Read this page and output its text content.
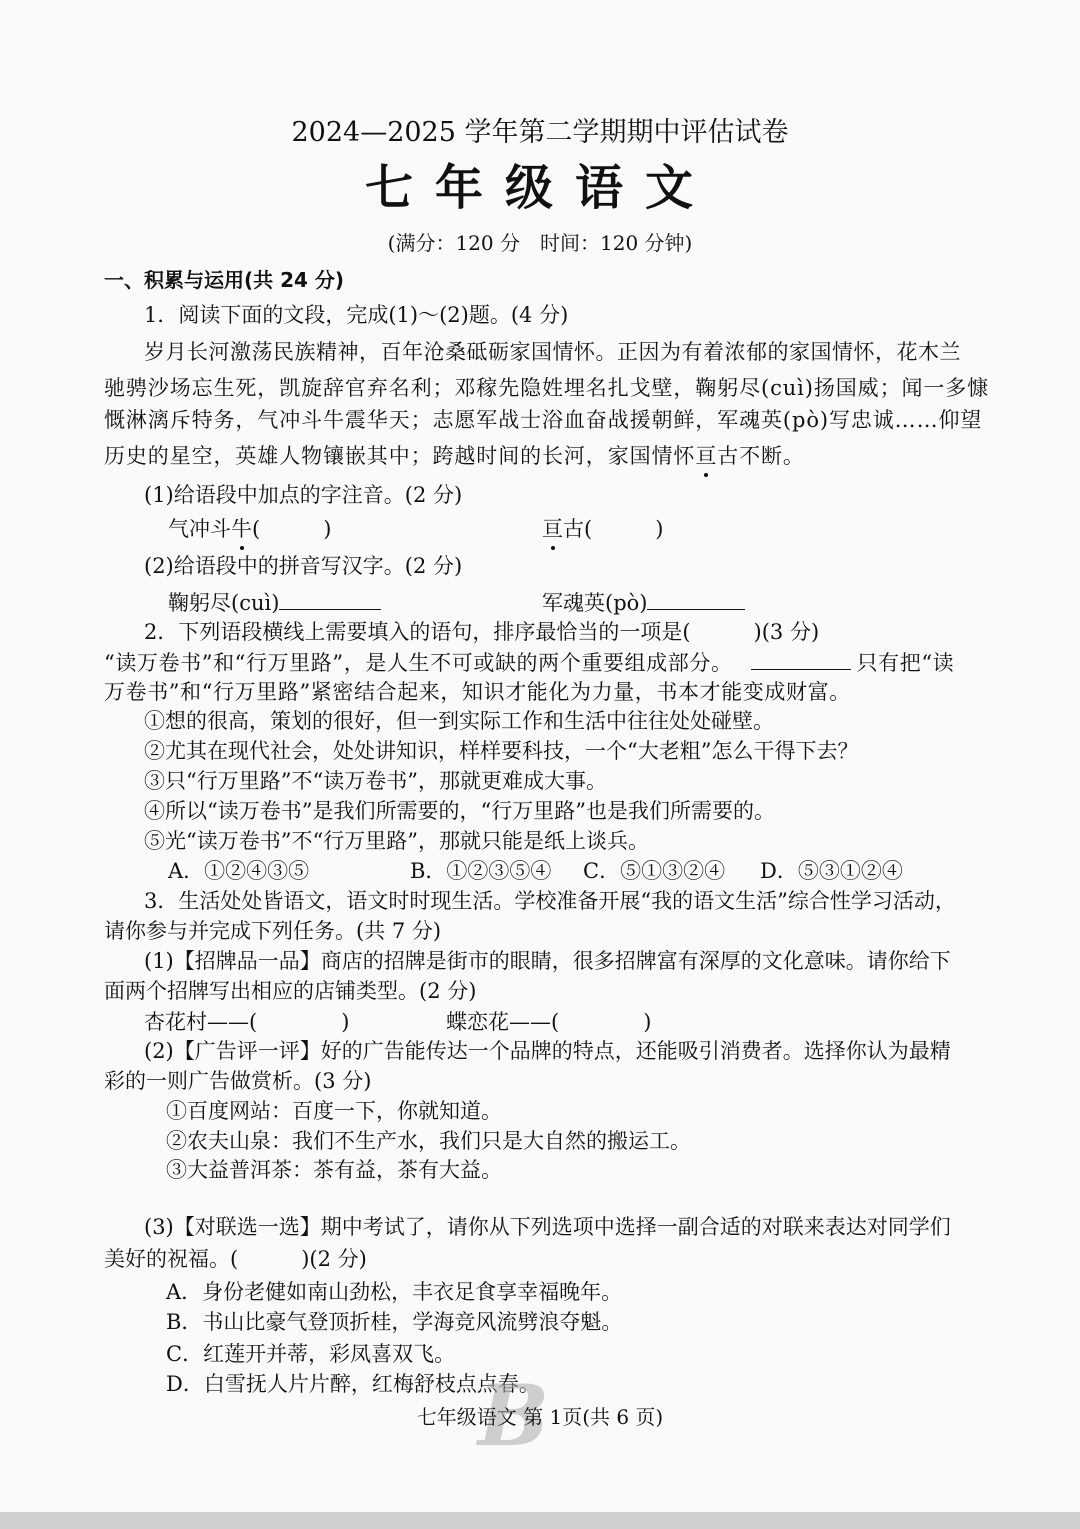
2024—2025 学年第二学期期中评估试卷
七年级语文
(满分：120 分　时间：120 分钟)
一、积累与运用(共 24 分)
1．阅读下面的文段，完成(1)～(2)题。(4 分)
岁月长河激荡民族精神，百年沧桑砥砺家国情怀。正因为有着浓郁的家国情怀，花木兰
驰骋沙场忘生死，凯旋辞官弃名利；邓稼先隐姓埋名扎戈壁，鞠躬尽(cuì)扬国威；闻一多慷
慨淋漓斥特务，气冲斗牛震华天；志愿军战士浴血奋战援朝鲜，军魂英(pò)写忠诚……仰望
历史的星空，英雄人物镶嵌其中；跨越时间的长河，家国情怀亘古不断。
(1)给语段中加点的字注音。(2 分)
气冲斗牛(　　　)	亘古(　　　)
(2)给语段中的拼音写汉字。(2 分)
鞠躬尽(cuì)	军魂英(pò)
2．下列语段横线上需要填入的语句，排序最恰当的一项是(　　　)(3 分)
“读万卷书”和“行万里路”，是人生不可或缺的两个重要组成部分。	只有把“读
万卷书”和“行万里路”紧密结合起来，知识才能化为力量，书本才能变成财富。
①想的很高，策划的很好，但一到实际工作和生活中往往处处碰壁。
②尤其在现代社会，处处讲知识，样样要科技，一个“大老粗”怎么干得下去？
③只“行万里路”不“读万卷书”，那就更难成大事。
④所以“读万卷书”是我们所需要的，“行万里路”也是我们所需要的。
⑤光“读万卷书”不“行万里路”，那就只能是纸上谈兵。
A．①②④③⑤	B．①②③⑤④ C．⑤①③②④ D．⑤③①②④
3．生活处处皆语文，语文时时现生活。学校准备开展“我的语文生活”综合性学习活动，
请你参与并完成下列任务。(共 7 分)
(1)【招牌品一品】商店的招牌是街市的眼睛，很多招牌富有深厚的文化意味。请你给下
面两个招牌写出相应的店铺类型。(2 分)
杏花村——(　　　　)	蝶恋花——(　　　　)
(2)【广告评一评】好的广告能传达一个品牌的特点，还能吸引消费者。选择你认为最精
彩的一则广告做赏析。(3 分)
①百度网站：百度一下，你就知道。
②农夫山泉：我们不生产水，我们只是大自然的搬运工。
③大益普洱茶：茶有益，茶有大益。
(3)【对联选一选】期中考试了，请你从下列选项中选择一副合适的对联来表达对同学们
美好的祝福。(　　　)(2 分)
A．身份老健如南山劲松，丰衣足食享幸福晚年。
B．书山比豪气登顶折桂，学海竞风流劈浪夺魁。
C．红莲开并蒂，彩凤喜双飞。
D．白雪抚人片片醉，红梅舒枝点点春。
B
七年级语文 第 1页(共 6 页)
